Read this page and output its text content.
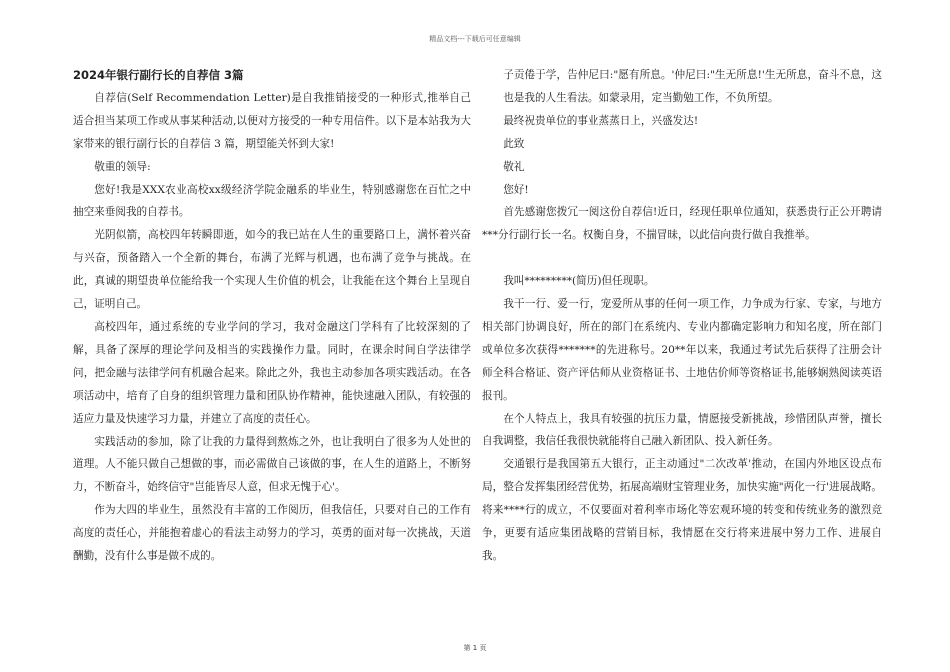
精品文档---下载后可任意编辑
2024年银行副行长的自荐信 3篇

自荐信(Self Recommendation Letter)是自我推销接受的一种形式,推举自己适合担当某项工作或从事某种活动,以便对方接受的一种专用信件。以下是本站我为大家带来的银行副行长的自荐信 3 篇，期望能关怀到大家!

敬重的领导:

您好!我是XXX农业高校xx级经济学院金融系的毕业生，特别感谢您在百忙之中抽空来垂阅我的自荐书。

光阴似箭，高校四年转瞬即逝，如今的我已站在人生的重要路口上，满怀着兴奋与兴奋，预备踏入一个全新的舞台，布满了光辉与机遇，也布满了竞争与挑战。在此，真诚的期望贵单位能给我一个实现人生价值的机会，让我能在这个舞台上呈现自己，证明自己。

高校四年，通过系统的专业学问的学习，我对金融这门学科有了比较深刻的了解，具备了深厚的理论学问及相当的实践操作力量。同时，在课余时间自学法律学问，把金融与法律学问有机融合起来。除此之外，我也主动参加各项实践活动。在各项活动中，培育了自身的组织管理力量和团队协作精神，能快速融入团队，有较强的适应力量及快速学习力量，并建立了高度的责任心。

实践活动的参加，除了让我的力量得到熬炼之外，也让我明白了很多为人处世的道理。人不能只做自己想做的事，而必需做自己该做的事，在人生的道路上，不断努力，不断奋斗，始终信守"岂能皆尽人意，但求无愧于心'。

作为大四的毕业生，虽然没有丰富的工作阅历，但我信任，只要对自己的工作有高度的责任心，并能抱着虚心的看法主动努力的学习，英勇的面对每一次挑战，天道酬勤，没有什么事是做不成的。

子贡倦于学，告仲尼曰:"愿有所息。'仲尼曰:"生无所息!'生无所息，奋斗不息，这也是我的人生看法。如蒙录用，定当勤勉工作，不负所望。

最终祝贵单位的事业蒸蒸日上，兴盛发达!

此致

敬礼

您好!

首先感谢您拨冗一阅这份自荐信!近日，经现任职单位通知，获悉贵行正公开聘请***分行副行长一名。权衡自身，不揣冒昧，以此信向贵行做自我推举。

我叫*********(简历)但任现职。

我干一行、爱一行，宠爱所从事的任何一项工作，力争成为行家、专家，与地方相关部门协调良好，所在的部门在系统内、专业内都确定影响力和知名度，所在部门或单位多次获得*******的先进称号。20**年以来，我通过考试先后获得了注册会计师全科合格证、资产评估师从业资格证书、土地估价师等资格证书,能够娴熟阅读英语报刊。

在个人特点上，我具有较强的抗压力量，情愿接受新挑战，珍惜团队声誉，擅长自我调整，我信任我很快就能将自己融入新团队、投入新任务。

交通银行是我国第五大银行，正主动通过"二次改革'推动，在国内外地区设点布局，整合发挥集团经营优势，拓展高端财宝管理业务，加快实施"两化一行'进展战略。将来****行的成立，不仅要面对着利率市场化等宏观环境的转变和传统业务的激烈竞争，更要有适应集团战略的营销目标，我情愿在交行将来进展中努力工作、进展自我。

第 1 页
